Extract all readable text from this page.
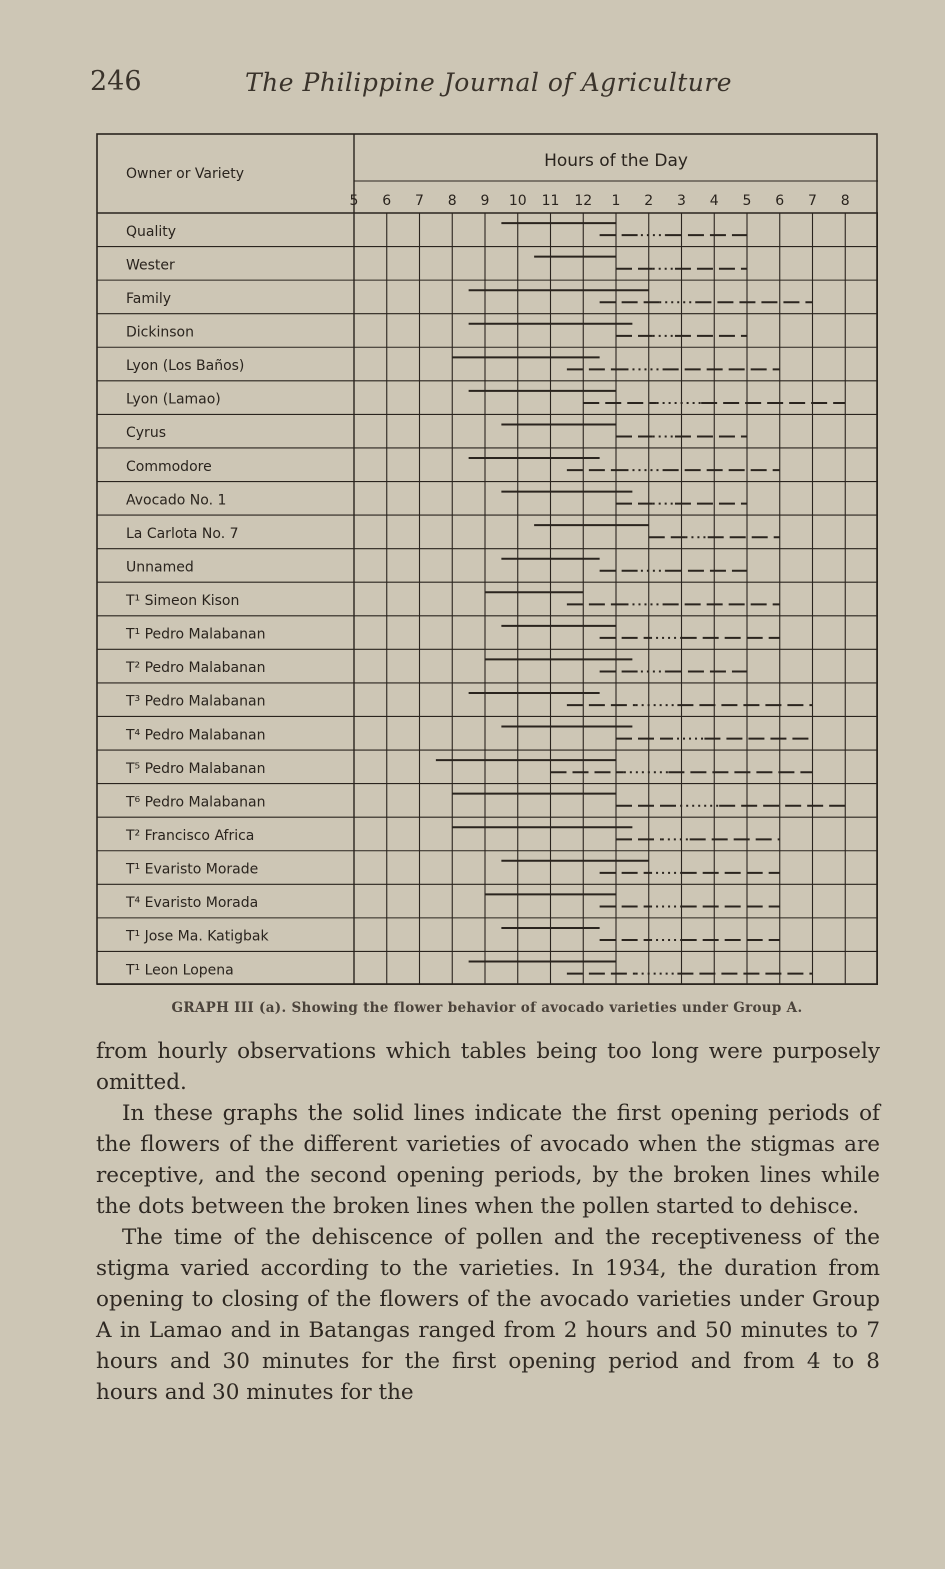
246	The Philippine Journal of Agriculture
Owner or Variety
Hours of the Day
5 6 7 8 9 10 11 12 1 2 3 4 5 6 7 8
Quality
Wester
Family
Dickinson
Lyon (Los Baños)
Lyon (Lamao)
Cyrus
Commodore
Avocado No. 1
La Carlota No. 7
Unnamed
T¹ Simeon Kison
T¹ Pedro Malabanan
T² Pedro Malabanan
T³ Pedro Malabanan
T⁴ Pedro Malabanan
T⁵ Pedro Malabanan
T⁶ Pedro Malabanan
T² Francisco Africa
T¹ Evaristo Morade
T⁴ Evaristo Morada
T¹ Jose Ma. Katigbak
T¹ Leon Lopena
GRAPH III (a). Showing the flower behavior of avocado varieties under Group A.

from hourly observations which tables being too long were purposely omitted.

In these graphs the solid lines indicate the first opening periods of the flowers of the different varieties of avocado when the stigmas are receptive, and the second opening periods, by the broken lines while the dots between the broken lines when the pollen started to dehisce.

The time of the dehiscence of pollen and the receptiveness of the stigma varied according to the varieties. In 1934, the duration from opening to closing of the flowers of the avocado varieties under Group A in Lamao and in Batangas ranged from 2 hours and 50 minutes to 7 hours and 30 minutes for the first opening period and from 4 to 8 hours and 30 minutes for the
